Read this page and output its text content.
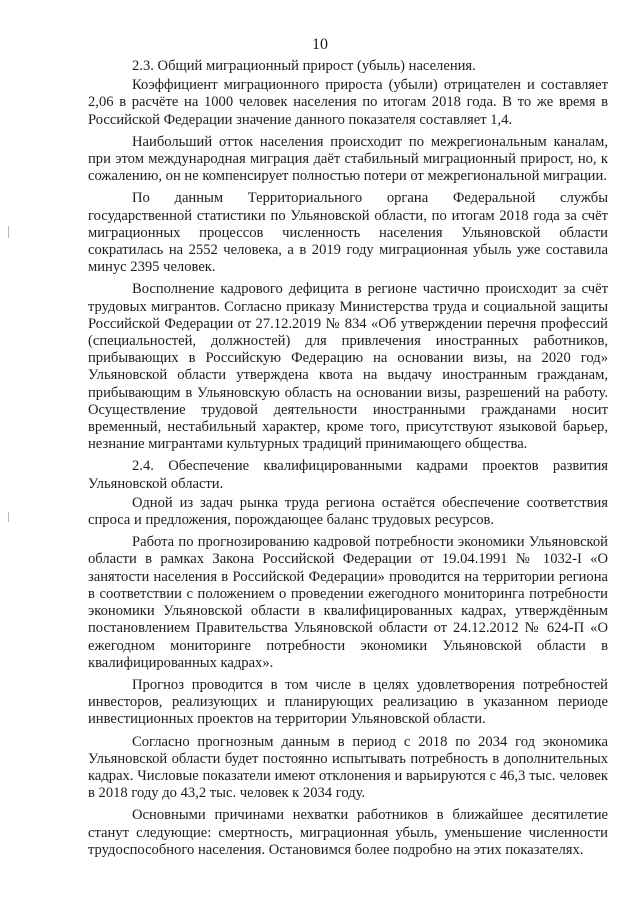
10

2.3. Общий миграционный прирост (убыль) населения.

Коэффициент миграционного прироста (убыли) отрицателен и составляет 2,06 в расчёте на 1000 человек населения по итогам 2018 года. В то же время в Российской Федерации значение данного показателя составляет 1,4.

Наибольший отток населения происходит по межрегиональным каналам, при этом международная миграция даёт стабильный миграционный прирост, но, к сожалению, он не компенсирует полностью потери от межрегиональной миграции.

По данным Территориального органа Федеральной службы государственной статистики по Ульяновской области, по итогам 2018 года за счёт миграционных процессов численность населения Ульяновской области сократилась на 2552 человека, а в 2019 году миграционная убыль уже составила минус 2395 человек.

Восполнение кадрового дефицита в регионе частично происходит за счёт трудовых мигрантов. Согласно приказу Министерства труда и социальной защиты Российской Федерации от 27.12.2019 № 834 «Об утверждении перечня профессий (специальностей, должностей) для привлечения иностранных работников, прибывающих в Российскую Федерацию на основании визы, на 2020 год» Ульяновской области утверждена квота на выдачу иностранным гражданам, прибывающим в Ульяновскую область на основании визы, разрешений на работу. Осуществление трудовой деятельности иностранными гражданами носит временный, нестабильный характер, кроме того, присутствуют языковой барьер, незнание мигрантами культурных традиций принимающего общества.

2.4. Обеспечение квалифицированными кадрами проектов развития Ульяновской области.

Одной из задач рынка труда региона остаётся обеспечение соответствия спроса и предложения, порождающее баланс трудовых ресурсов.

Работа по прогнозированию кадровой потребности экономики Ульяновской области в рамках Закона Российской Федерации от 19.04.1991 № 1032-I «О занятости населения в Российской Федерации» проводится на территории региона в соответствии с положением о проведении ежегодного мониторинга потребности экономики Ульяновской области в квалифицированных кадрах, утверждённым постановлением Правительства Ульяновской области от 24.12.2012 № 624-П «О ежегодном мониторинге потребности экономики Ульяновской области в квалифицированных кадрах».

Прогноз проводится в том числе в целях удовлетворения потребностей инвесторов, реализующих и планирующих реализацию в указанном периоде инвестиционных проектов на территории Ульяновской области.

Согласно прогнозным данным в период с 2018 по 2034 год экономика Ульяновской области будет постоянно испытывать потребность в дополнительных кадрах. Числовые показатели имеют отклонения и варьируются с 46,3 тыс. человек в 2018 году до 43,2 тыс. человек к 2034 году.

Основными причинами нехватки работников в ближайшее десятилетие станут следующие: смертность, миграционная убыль, уменьшение численности трудоспособного населения. Остановимся более подробно на этих показателях.
